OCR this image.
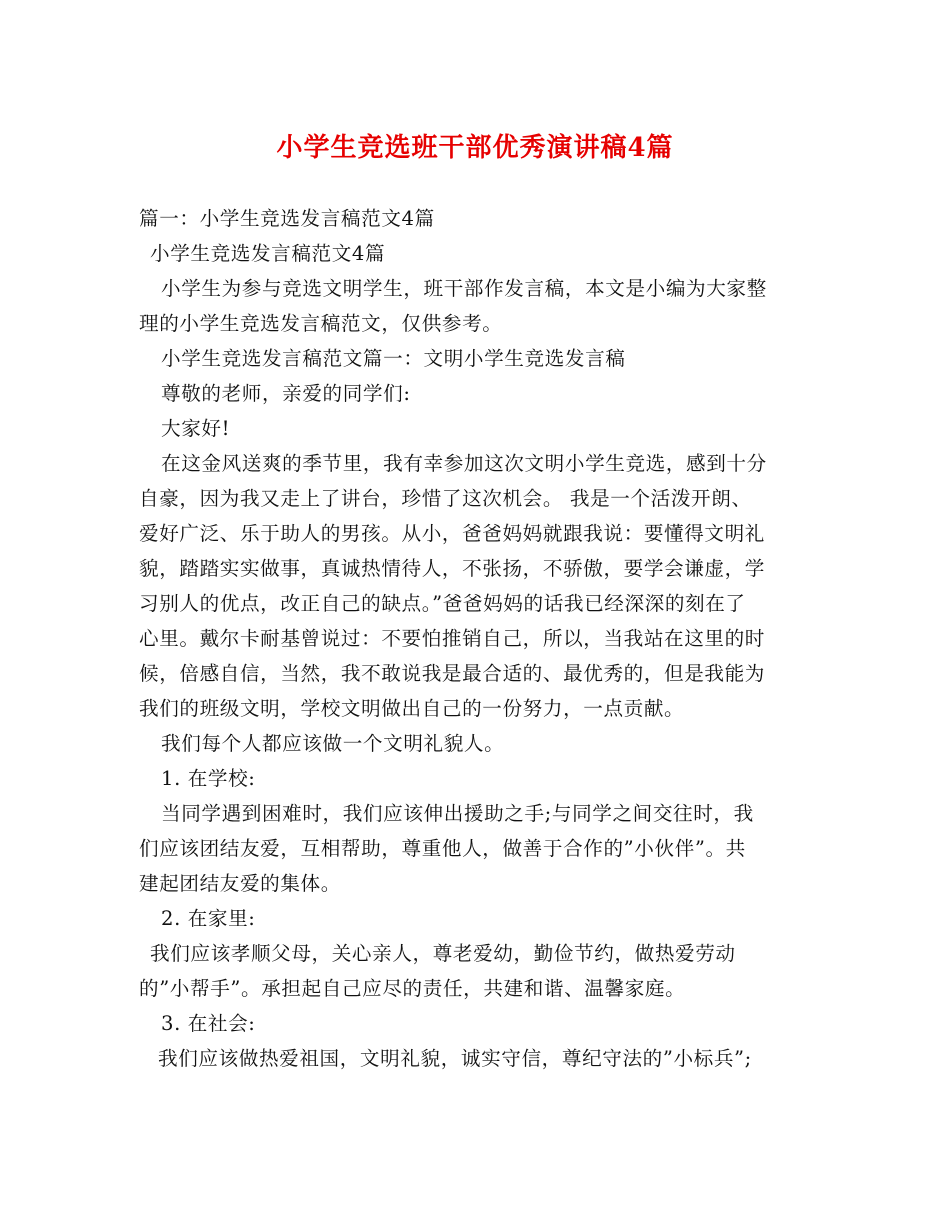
小学生竞选班干部优秀演讲稿4篇

篇一：小学生竞选发言稿范文4篇

小学生竞选发言稿范文4篇

小学生为参与竞选文明学生，班干部作发言稿，本文是小编为大家整

理的小学生竞选发言稿范文，仅供参考。

小学生竞选发言稿范文篇一：文明小学生竞选发言稿

尊敬的老师，亲爱的同学们:

大家好!

在这金风送爽的季节里，我有幸参加这次文明小学生竞选，感到十分

自豪，因为我又走上了讲台，珍惜了这次机会。 我是一个活泼开朗、

爱好广泛、乐于助人的男孩。从小，爸爸妈妈就跟我说：要懂得文明礼

貌，踏踏实实做事，真诚热情待人，不张扬，不骄傲，要学会谦虚，学

习别人的优点，改正自己的缺点。”爸爸妈妈的话我已经深深的刻在了

心里。戴尔卡耐基曾说过：不要怕推销自己，所以，当我站在这里的时

候，倍感自信，当然，我不敢说我是最合适的、最优秀的，但是我能为

我们的班级文明，学校文明做出自己的一份努力，一点贡献。

我们每个人都应该做一个文明礼貌人。

1. 在学校:

当同学遇到困难时，我们应该伸出援助之手;与同学之间交往时，我

们应该团结友爱，互相帮助，尊重他人，做善于合作的”小伙伴”。共

建起团结友爱的集体。

2. 在家里:

我们应该孝顺父母，关心亲人，尊老爱幼，勤俭节约，做热爱劳动

的”小帮手”。承担起自己应尽的责任，共建和谐、温馨家庭。

3. 在社会:

我们应该做热爱祖国，文明礼貌，诚实守信，尊纪守法的”小标兵”;
